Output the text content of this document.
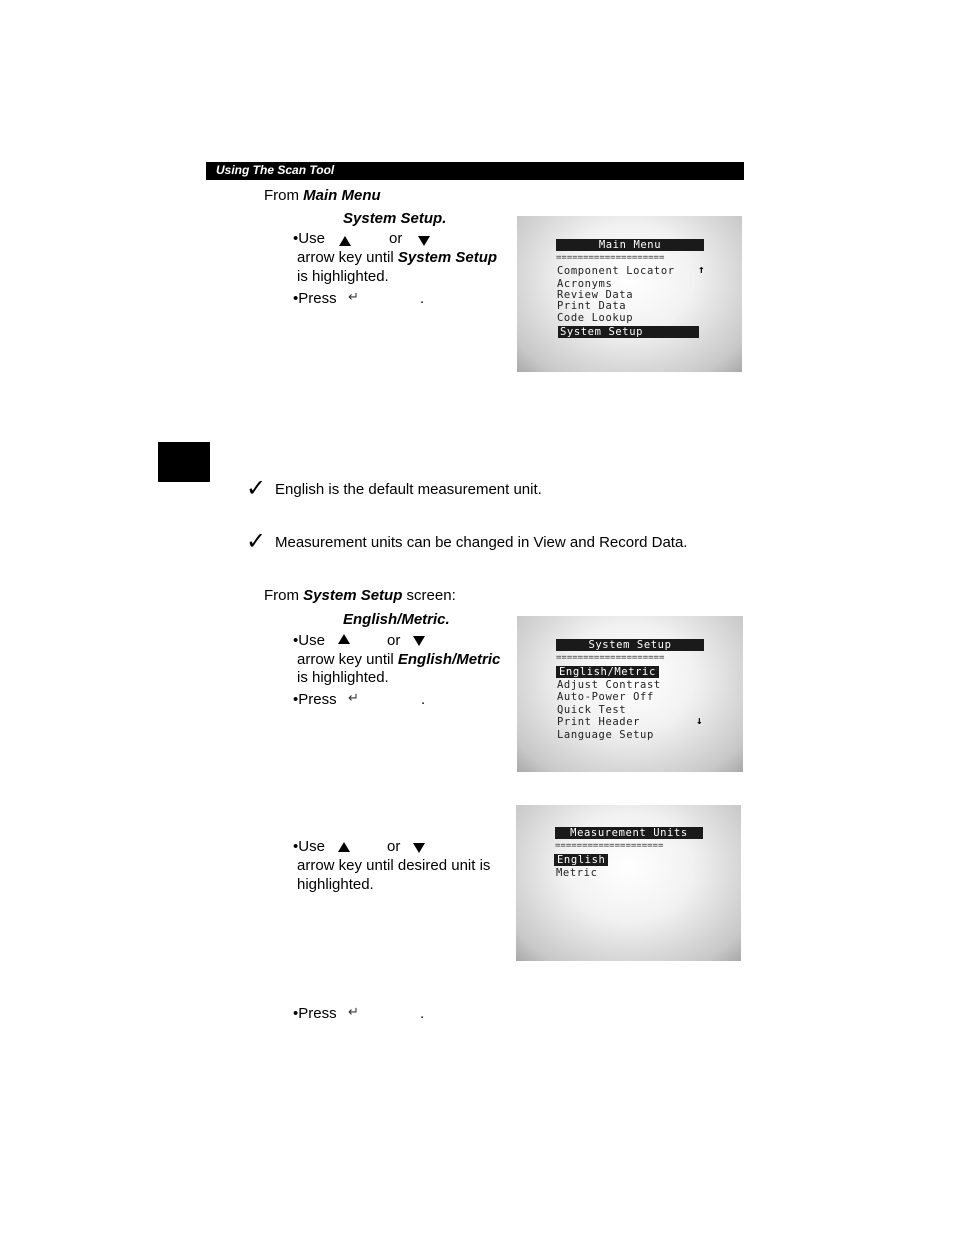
Using The Scan Tool
From Main Menu
System Setup.
•Use	or
arrow key until System Setup
is highlighted.
•Press ↵	.
Main Menu
====================
Component Locator ↑
Acronyms
Review Data
Print Data
Code Lookup
System Setup
✓ English is the default measurement unit.
✓ Measurement units can be changed in View and Record Data.
From System Setup screen:
English/Metric.
•Use	or
arrow key until English/Metric
is highlighted.
•Press ↵	.
System Setup
====================
English/Metric
Adjust Contrast
Auto-Power Off
Quick Test
Print Header	↓
Language Setup
•Use	or
arrow key until desired unit is
highlighted.
Measurement Units
====================
English
Metric
•Press ↵	.
